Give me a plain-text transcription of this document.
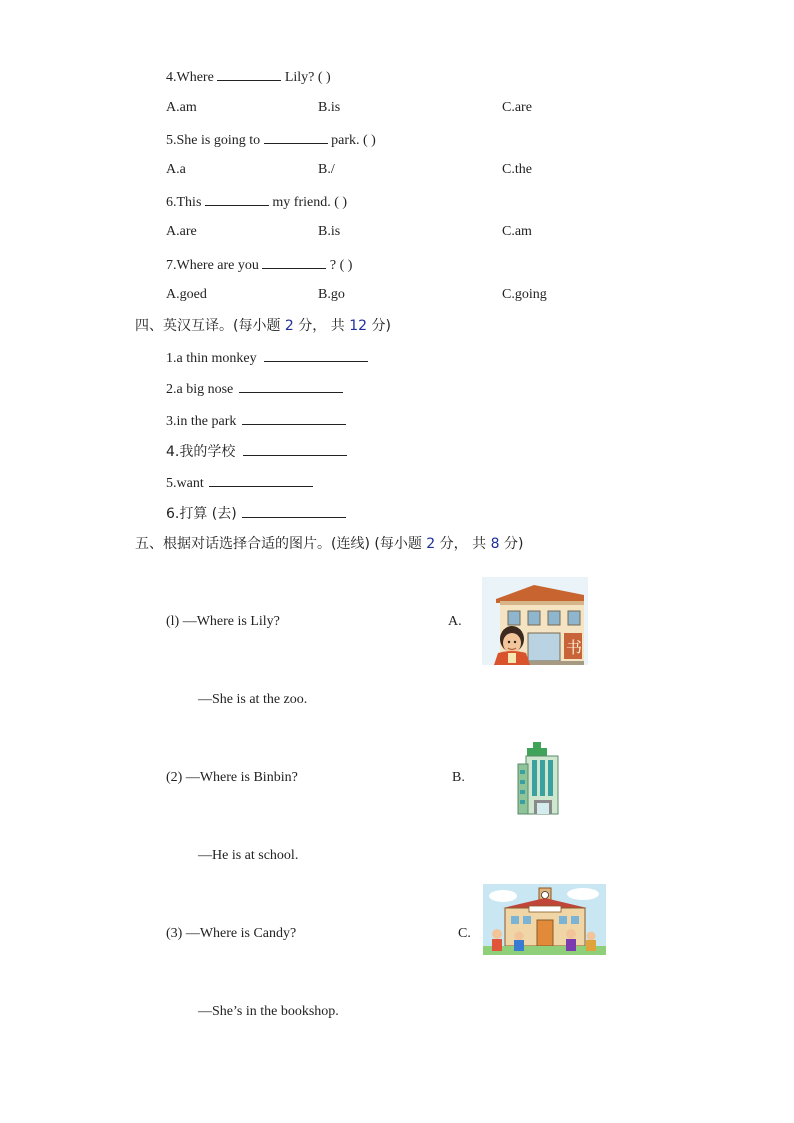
4.Where	Lily? ( )
A.am	B.is	C.are
5.She is going to	park. ( )
A.a	B./	C.the
6.This	my friend. ( )
A.are	B.is	C.am
7.Where are you	? ( )
A.goed	B.go	C.going
四、英汉互译。(每小题 2 分， 共 12 分)
1.a thin monkey
2.a big nose
3.in the park
4.我的学校
5.want
6.打算 (去)
五、根据对话选择合适的图片。(连线) (每小题 2 分， 共 8 分)
(l) —Where is Lily?	A.
—She is at the zoo.
(2) —Where is Binbin?	B.
—He is at school.
(3) —Where is Candy?	C.
—She’s in the bookshop.
书
